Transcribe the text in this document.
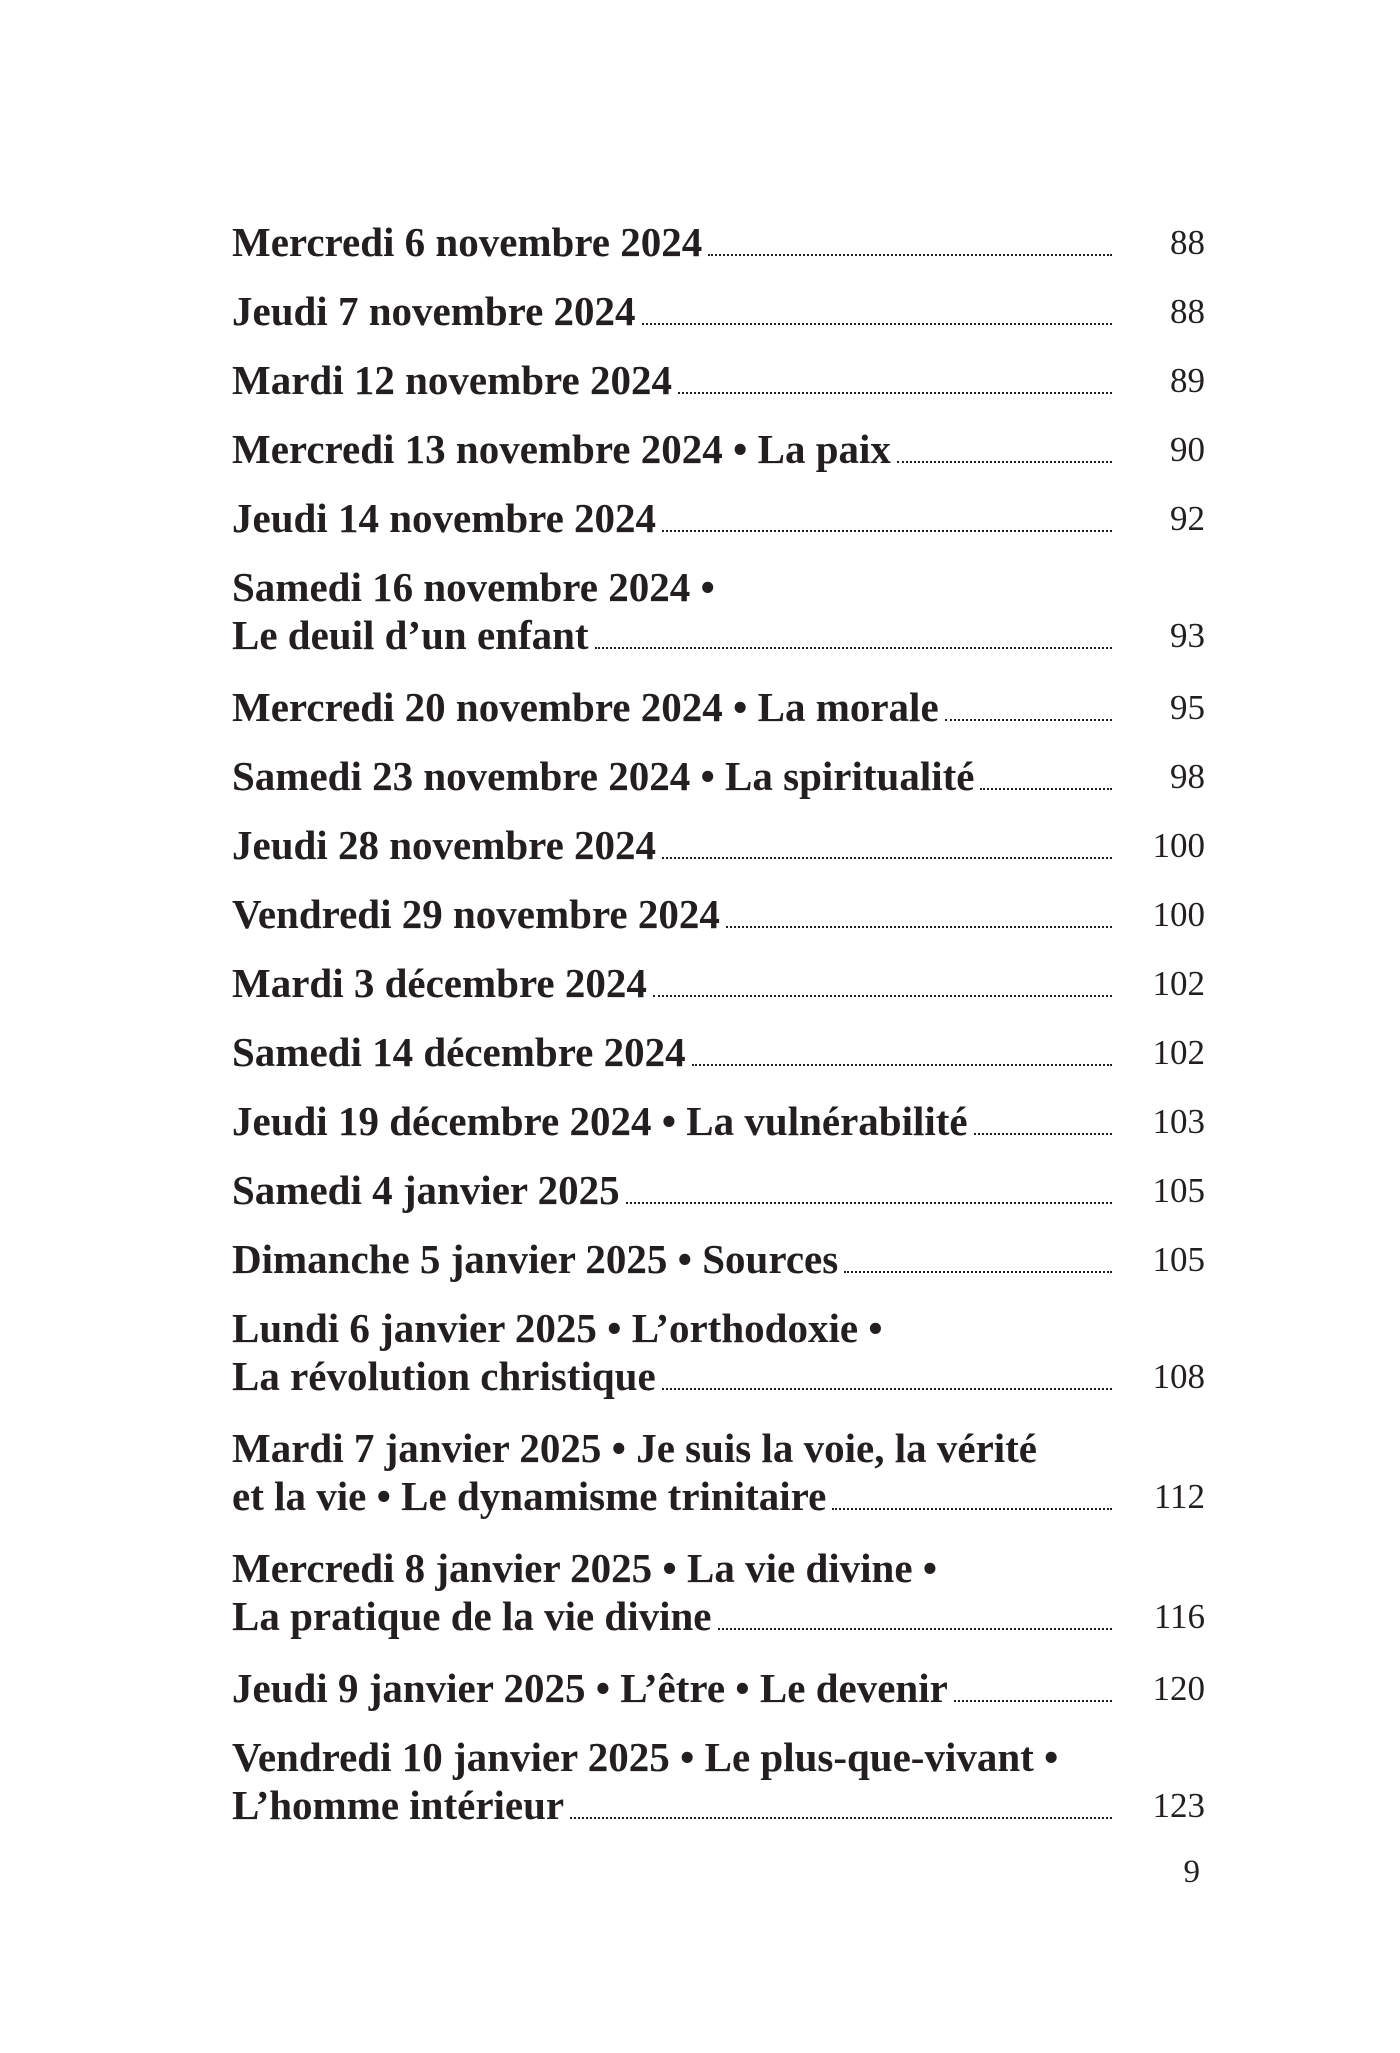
Mercredi 6 novembre 2024	88
Jeudi 7 novembre 2024	88
Mardi 12 novembre 2024	89
Mercredi 13 novembre 2024 • La paix	90
Jeudi 14 novembre 2024	92
Samedi 16 novembre 2024 •
Le deuil d’un enfant	93
Mercredi 20 novembre 2024 • La morale	95
Samedi 23 novembre 2024 • La spiritualité	98
Jeudi 28 novembre 2024	100
Vendredi 29 novembre 2024	100
Mardi 3 décembre 2024	102
Samedi 14 décembre 2024	102
Jeudi 19 décembre 2024 • La vulnérabilité	103
Samedi 4 janvier 2025	105
Dimanche 5 janvier 2025 • Sources	105
Lundi 6 janvier 2025 • L’orthodoxie •
La révolution christique	108
Mardi 7 janvier 2025 • Je suis la voie, la vérité
et la vie • Le dynamisme trinitaire	112
Mercredi 8 janvier 2025 • La vie divine •
La pratique de la vie divine	116
Jeudi 9 janvier 2025 • L’être • Le devenir	120
Vendredi 10 janvier 2025 • Le plus-que-vivant •
L’homme intérieur	123
9
